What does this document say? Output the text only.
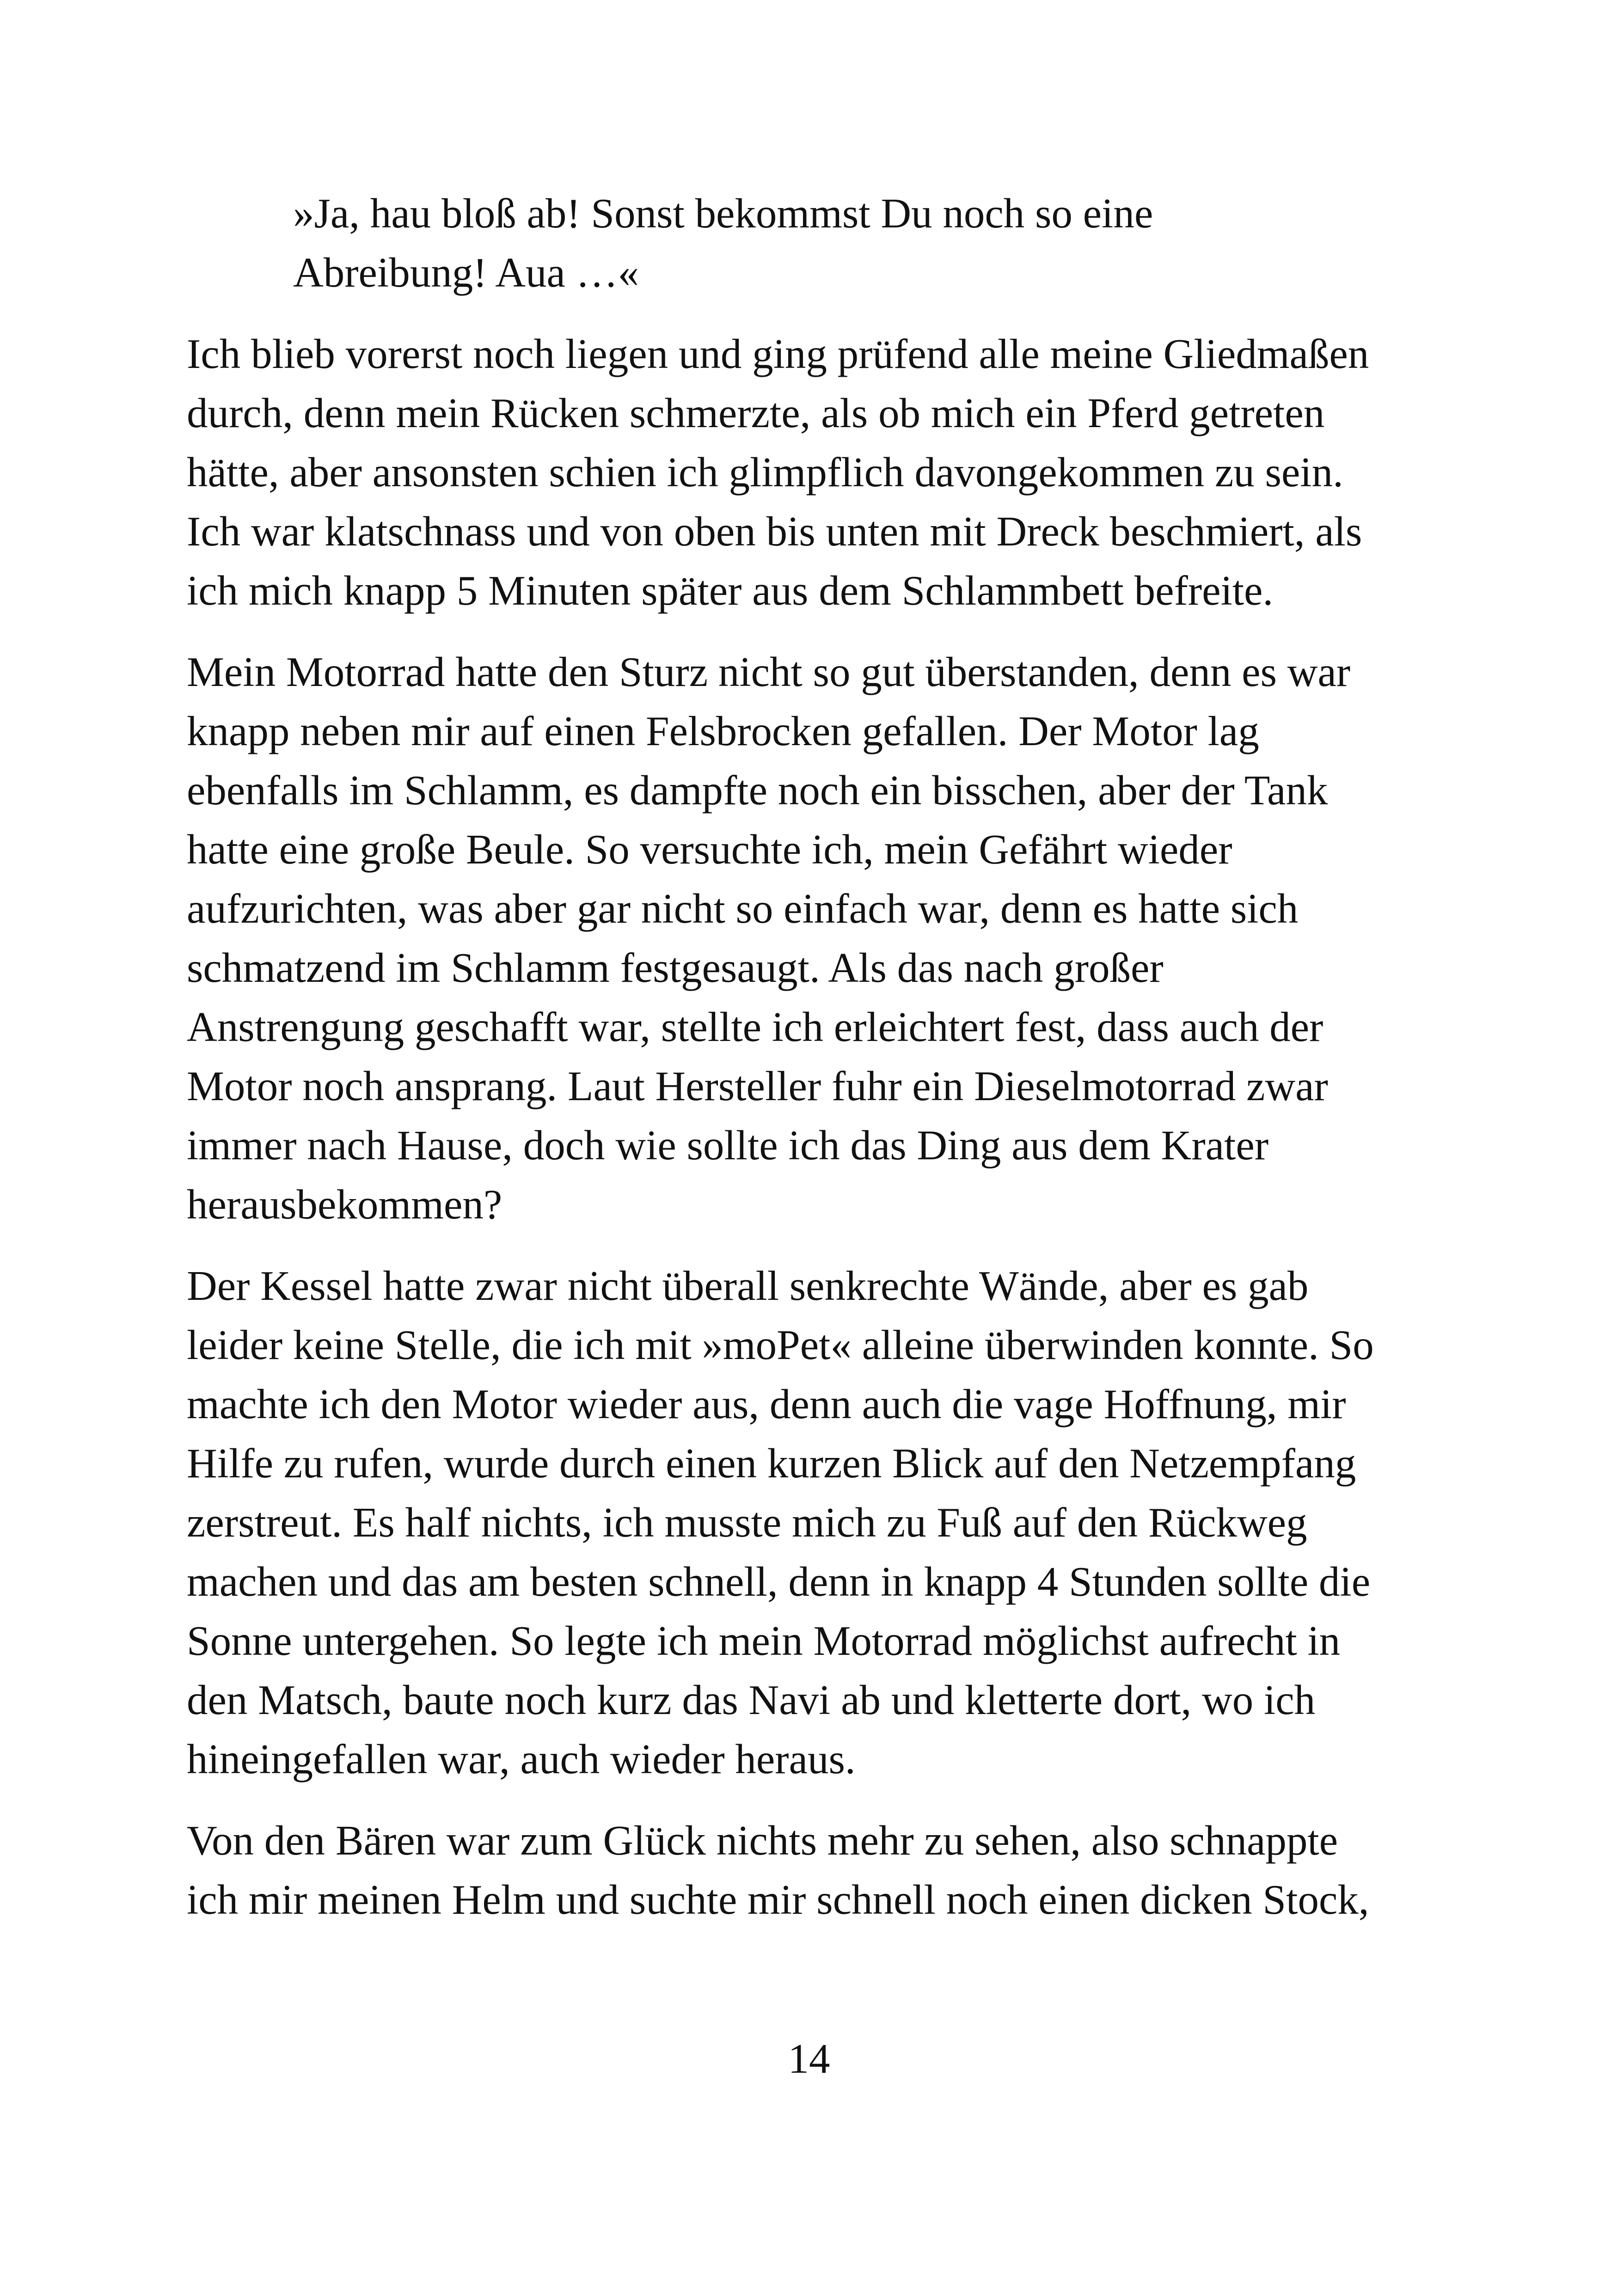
»Ja, hau bloß ab! Sonst bekommst Du noch so eine
Abreibung! Aua …«

Ich blieb vorerst noch liegen und ging prüfend alle meine Gliedmaßen
durch, denn mein Rücken schmerzte, als ob mich ein Pferd getreten
hätte, aber ansonsten schien ich glimpflich davongekommen zu sein.
Ich war klatschnass und von oben bis unten mit Dreck beschmiert, als
ich mich knapp 5 Minuten später aus dem Schlammbett befreite.

Mein Motorrad hatte den Sturz nicht so gut überstanden, denn es war
knapp neben mir auf einen Felsbrocken gefallen. Der Motor lag
ebenfalls im Schlamm, es dampfte noch ein bisschen, aber der Tank
hatte eine große Beule. So versuchte ich, mein Gefährt wieder
aufzurichten, was aber gar nicht so einfach war, denn es hatte sich
schmatzend im Schlamm festgesaugt. Als das nach großer
Anstrengung geschafft war, stellte ich erleichtert fest, dass auch der
Motor noch ansprang. Laut Hersteller fuhr ein Dieselmotorrad zwar
immer nach Hause, doch wie sollte ich das Ding aus dem Krater
herausbekommen?

Der Kessel hatte zwar nicht überall senkrechte Wände, aber es gab
leider keine Stelle, die ich mit »moPet« alleine überwinden konnte. So
machte ich den Motor wieder aus, denn auch die vage Hoffnung, mir
Hilfe zu rufen, wurde durch einen kurzen Blick auf den Netzempfang
zerstreut. Es half nichts, ich musste mich zu Fuß auf den Rückweg
machen und das am besten schnell, denn in knapp 4 Stunden sollte die
Sonne untergehen. So legte ich mein Motorrad möglichst aufrecht in
den Matsch, baute noch kurz das Navi ab und kletterte dort, wo ich
hineingefallen war, auch wieder heraus.

Von den Bären war zum Glück nichts mehr zu sehen, also schnappte
ich mir meinen Helm und suchte mir schnell noch einen dicken Stock,

14
